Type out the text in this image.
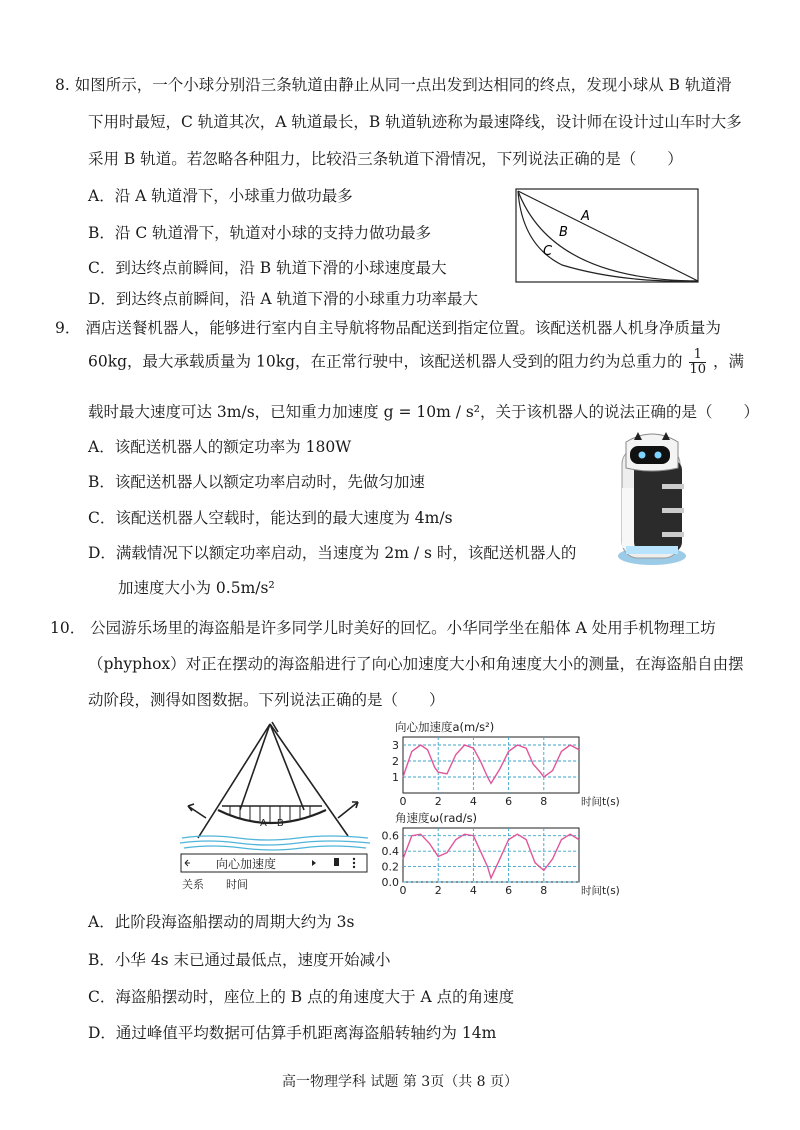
8. 如图所示，一个小球分别沿三条轨道由静止从同一点出发到达相同的终点，发现小球从 B 轨道滑
下用时最短，C 轨道其次，A 轨道最长，B 轨道轨迹称为最速降线，设计师在设计过山车时大多
采用 B 轨道。若忽略各种阻力，比较沿三条轨道下滑情况，下列说法正确的是（　　）
A．沿 A 轨道滑下，小球重力做功最多
B．沿 C 轨道滑下，轨道对小球的支持力做功最多
C．到达终点前瞬间，沿 B 轨道下滑的小球速度最大
D．到达终点前瞬间，沿 A 轨道下滑的小球重力功率最大
A
B
C
9． 酒店送餐机器人，能够进行室内自主导航将物品配送到指定位置。该配送机器人机身净质量为
60kg，最大承载质量为 10kg，在正常行驶中，该配送机器人受到的阻力约为总重力的 $\frac{1}{10}$ ，满
载时最大速度可达 3m/s，已知重力加速度 g = 10m / s²，关于该机器人的说法正确的是（　　）
A．该配送机器人的额定功率为 180W
B．该配送机器人以额定功率启动时，先做匀加速
C．该配送机器人空载时，能达到的最大速度为 4m/s
D．满载情况下以额定功率启动，当速度为 2m / s 时，该配送机器人的
加速度大小为 0.5m/s²
10． 公园游乐场里的海盗船是许多同学儿时美好的回忆。小华同学坐在船体 A 处用手机物理工坊
（phyphox）对正在摆动的海盗船进行了向心加速度大小和角速度大小的测量，在海盗船自由摆
动阶段，测得如图数据。下列说法正确的是（　　）
A－B
向心加速度
关系 时间
向心加速度a(m/s²)
1
2
3
0	2	4	6	8	时间t(s)
角速度ω(rad/s)
0.0
0.2
0.4
0.6
0	2	4	6	8	时间t(s)
A．此阶段海盗船摆动的周期大约为 3s
B．小华 4s 末已通过最低点，速度开始减小
C．海盗船摆动时，座位上的 B 点的角速度大于 A 点的角速度
D．通过峰值平均数据可估算手机距离海盗船转轴约为 14m
高一物理学科 试题 第 3页（共 8 页）
